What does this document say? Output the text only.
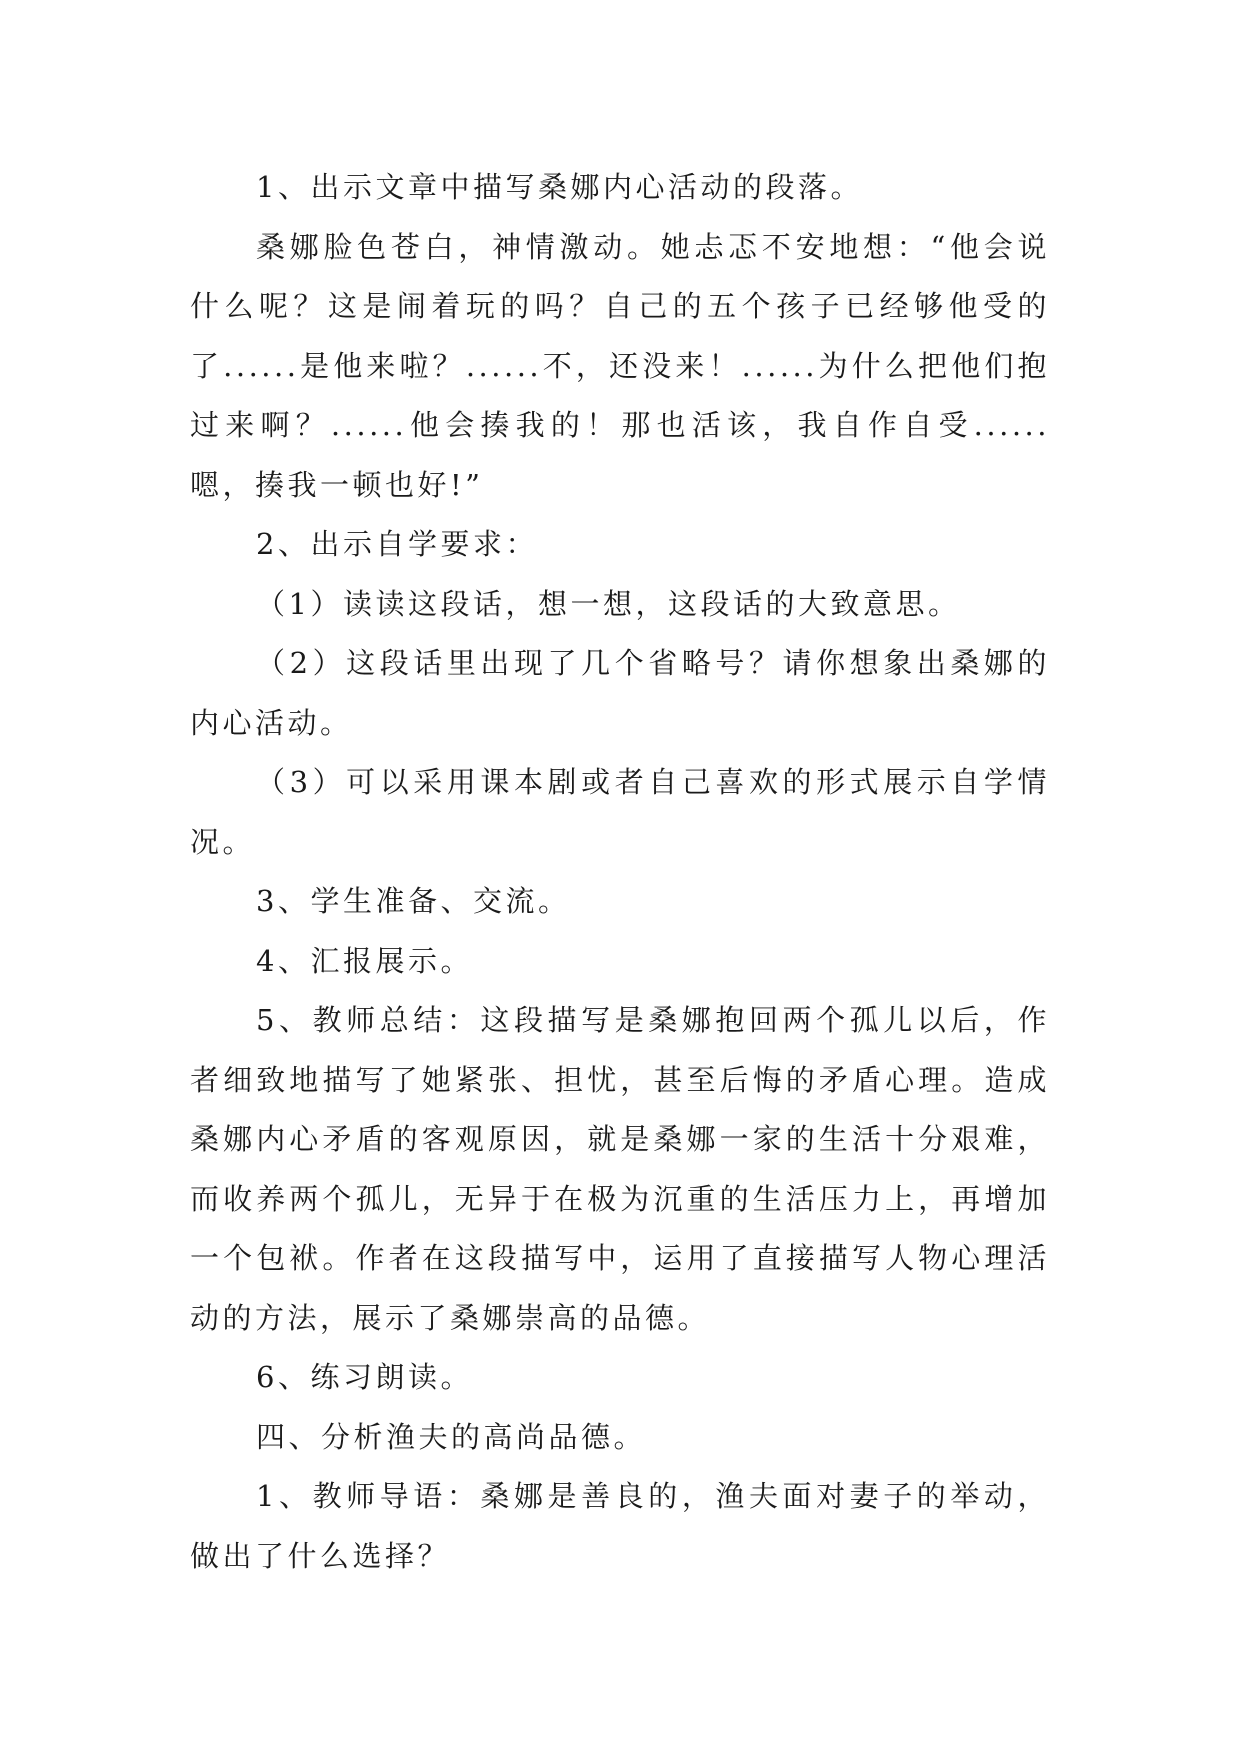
1、出示文章中描写桑娜内心活动的段落。

桑娜脸色苍白，神情激动。她忐忑不安地想：“他会说什么呢？这是闹着玩的吗？自己的五个孩子已经够他受的了......是他来啦？......不，还没来！......为什么把他们抱过来啊？......他会揍我的！那也活该，我自作自受......嗯，揍我一顿也好!”

2、出示自学要求：

（1）读读这段话，想一想，这段话的大致意思。

（2）这段话里出现了几个省略号？请你想象出桑娜的内心活动。

（3）可以采用课本剧或者自己喜欢的形式展示自学情况。

3、学生准备、交流。

4、汇报展示。

5、教师总结：这段描写是桑娜抱回两个孤儿以后，作者细致地描写了她紧张、担忧，甚至后悔的矛盾心理。造成桑娜内心矛盾的客观原因，就是桑娜一家的生活十分艰难，而收养两个孤儿，无异于在极为沉重的生活压力上，再增加一个包袱。作者在这段描写中，运用了直接描写人物心理活动的方法，展示了桑娜崇高的品德。

6、练习朗读。

四、分析渔夫的高尚品德。

1、教师导语：桑娜是善良的，渔夫面对妻子的举动，做出了什么选择？
